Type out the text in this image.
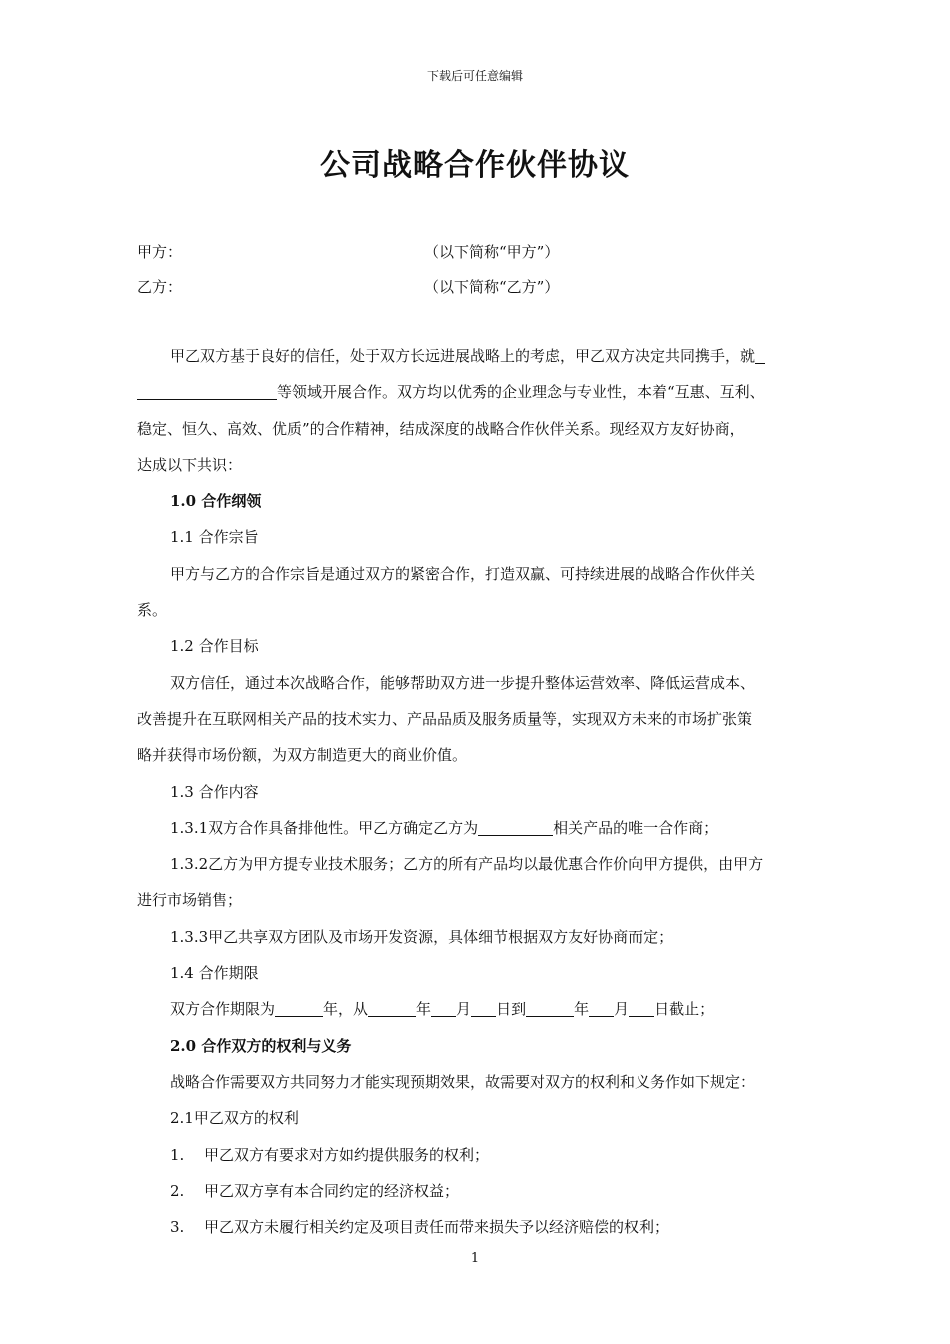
下载后可任意编辑
公司战略合作伙伴协议
甲方：	（以下简称“甲方”）
乙方：	（以下简称“乙方”）
甲乙双方基于良好的信任，处于双方长远进展战略上的考虑，甲乙双方决定共同携手，就
等领域开展合作。双方均以优秀的企业理念与专业性，本着“互惠、互利、
稳定、恒久、高效、优质”的合作精神，结成深度的战略合作伙伴关系。现经双方友好协商，
达成以下共识：
1.0 合作纲领
1.1 合作宗旨
甲方与乙方的合作宗旨是通过双方的紧密合作，打造双赢、可持续进展的战略合作伙伴关
系。
1.2 合作目标
双方信任，通过本次战略合作，能够帮助双方进一步提升整体运营效率、降低运营成本、
改善提升在互联网相关产品的技术实力、产品品质及服务质量等，实现双方未来的市场扩张策
略并获得市场份额，为双方制造更大的商业价值。
1.3 合作内容
1.3.1双方合作具备排他性。甲乙方确定乙方为	相关产品的唯一合作商；
1.3.2乙方为甲方提专业技术服务；乙方的所有产品均以最优惠合作价向甲方提供，由甲方
进行市场销售；
1.3.3甲乙共享双方团队及市场开发资源，具体细节根据双方友好协商而定；
1.4 合作期限
双方合作期限为	年，从	年 月 日到	年 月 日截止；
2.0 合作双方的权利与义务
战略合作需要双方共同努力才能实现预期效果，故需要对双方的权利和义务作如下规定：
2.1甲乙双方的权利
1. 甲乙双方有要求对方如约提供服务的权利；
2. 甲乙双方享有本合同约定的经济权益；
3. 甲乙双方未履行相关约定及项目责任而带来损失予以经济赔偿的权利；
1
